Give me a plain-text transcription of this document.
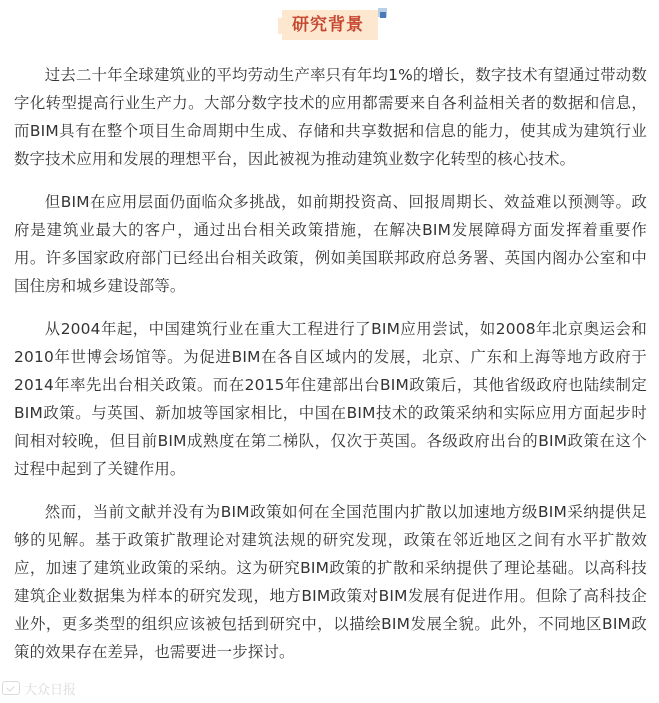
研究背景

过去二十年全球建筑业的平均劳动生产率只有年均1%的增长，数字技术有望通过带动数字化转型提高行业生产力。大部分数字技术的应用都需要来自各利益相关者的数据和信息，而BIM具有在整个项目生命周期中生成、存储和共享数据和信息的能力，使其成为建筑行业数字技术应用和发展的理想平台，因此被视为推动建筑业数字化转型的核心技术。

但BIM在应用层面仍面临众多挑战，如前期投资高、回报周期长、效益难以预测等。政府是建筑业最大的客户，通过出台相关政策措施，在解决BIM发展障碍方面发挥着重要作用。许多国家政府部门已经出台相关政策，例如美国联邦政府总务署、英国内阁办公室和中国住房和城乡建设部等。

从2004年起，中国建筑行业在重大工程进行了BIM应用尝试，如2008年北京奥运会和2010年世博会场馆等。为促进BIM在各自区域内的发展，北京、广东和上海等地方政府于2014年率先出台相关政策。而在2015年住建部出台BIM政策后，其他省级政府也陆续制定BIM政策。与英国、新加坡等国家相比，中国在BIM技术的政策采纳和实际应用方面起步时间相对较晚，但目前BIM成熟度在第二梯队，仅次于英国。各级政府出台的BIM政策在这个过程中起到了关键作用。

然而，当前文献并没有为BIM政策如何在全国范围内扩散以加速地方级BIM采纳提供足够的见解。基于政策扩散理论对建筑法规的研究发现，政策在邻近地区之间有水平扩散效应，加速了建筑业政策的采纳。这为研究BIM政策的扩散和采纳提供了理论基础。以高科技建筑企业数据集为样本的研究发现，地方BIM政策对BIM发展有促进作用。但除了高科技企业外，更多类型的组织应该被包括到研究中，以描绘BIM发展全貌。此外，不同地区BIM政策的效果存在差异，也需要进一步探讨。

大众日报
